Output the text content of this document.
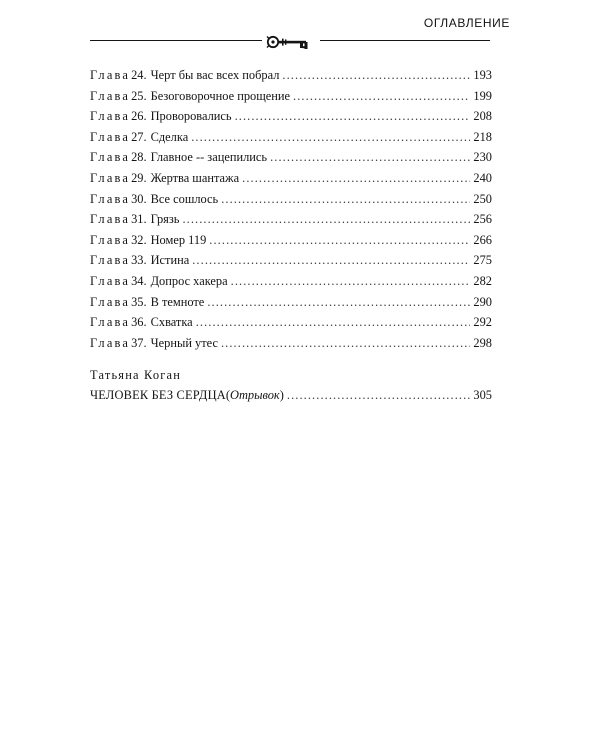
ОГЛАВЛЕНИЕ
Глава 24. Черт бы вас всех побрал . . .	193
Глава 25. Безоговорочное прощение . . .	199
Глава 26. Проворовались . . .	208
Глава 27. Сделка . . .	218
Глава 28. Главное -- зацепились . . .	230
Глава 29. Жертва шантажа . . .	240
Глава 30. Все сошлось . . .	250
Глава 31. Грязь . . .	256
Глава 32. Номер 119 . . .	266
Глава 33. Истина . . .	275
Глава 34. Допрос хакера . . .	282
Глава 35. В темноте . . .	290
Глава 36. Схватка . . .	292
Глава 37. Черный утес . . .	298
Татьяна Коган
ЧЕЛОВЕК БЕЗ СЕРДЦА ( Отрывок ) . . .	305
